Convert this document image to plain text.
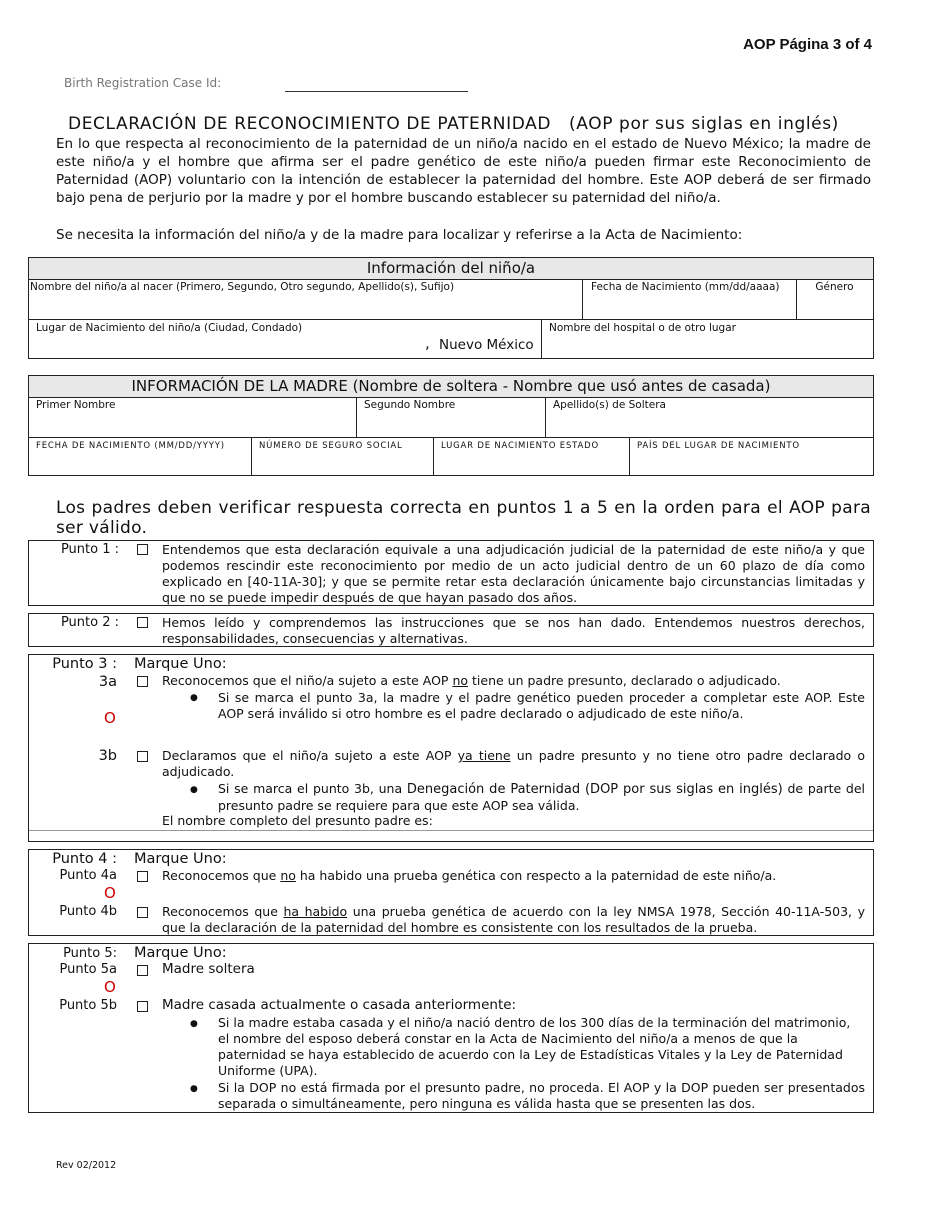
AOP Página 3 of 4
Birth Registration Case Id:
DECLARACIÓN DE RECONOCIMIENTO DE PATERNIDAD   (AOP por sus siglas en inglés)
En lo que respecta al reconocimiento de la paternidad de un niño/a nacido en el estado de Nuevo México; la madre de este niño/a y el hombre que afirma ser el padre genético de este niño/a pueden firmar este Reconocimiento de Paternidad (AOP) voluntario con la intención de establecer la paternidad del hombre. Este AOP deberá de ser firmado bajo pena de perjurio por la madre y por el hombre buscando establecer su paternidad del niño/a.
Se necesita la información del niño/a y de la madre para localizar y referirse a la Acta de Nacimiento:
Información del niño/a
Nombre del niño/a al nacer (Primero, Segundo, Otro segundo, Apellido(s), Sufijo)	Fecha de Nacimiento (mm/dd/aaaa)	Género
Lugar de Nacimiento del niño/a (Ciudad, Condado)
, Nuevo México
Nombre del hospital o de otro lugar
INFORMACIÓN DE LA MADRE (Nombre de soltera - Nombre que usó antes de casada)
Primer Nombre	Segundo Nombre	Apellido(s) de Soltera
FECHA DE NACIMIENTO (MM/DD/YYYY)	NÚMERO DE SEGURO SOCIAL	LUGAR DE NACIMIENTO ESTADO	PAÍS DEL LUGAR DE NACIMIENTO
Los padres deben verificar respuesta correcta en puntos 1 a 5 en la orden para el AOP para ser válido.
Punto 1 :	Entendemos que esta declaración equivale a una adjudicación judicial de la paternidad de este niño/a y que podemos rescindir este reconocimiento por medio de un acto judicial dentro de un 60 plazo de día como explicado en [40-11A-30]; y que se permite retar esta declaración únicamente bajo circunstancias limitadas y que no se puede impedir después de que hayan pasado dos años.
Punto 2 :	Hemos leído y comprendemos las instrucciones que se nos han dado. Entendemos nuestros derechos, responsabilidades, consecuencias y alternativas.
Punto 3 : Marque Uno:
3a	Reconocemos que el niño/a sujeto a este AOP no tiene un padre presunto, declarado o adjudicado.
● Si se marca el punto 3a, la madre y el padre genético pueden proceder a completar este AOP. Este AOP será inválido si otro hombre es el padre declarado o adjudicado de este niño/a.
O
3b	Declaramos que el niño/a sujeto a este AOP ya tiene un padre presunto y no tiene otro padre declarado o adjudicado.
● Si se marca el punto 3b, una Denegación de Paternidad (DOP por sus siglas en inglés) de parte del presunto padre se requiere para que este AOP sea válida.
El nombre completo del presunto padre es:
Punto 4 : Marque Uno:
Punto 4a	Reconocemos que no ha habido una prueba genética con respecto a la paternidad de este niño/a.
O
Punto 4b	Reconocemos que ha habido una prueba genética de acuerdo con la ley NMSA 1978, Sección 40-11A-503, y que la declaración de la paternidad del hombre es consistente con los resultados de la prueba.
Punto 5: Marque Uno:
Punto 5a	Madre soltera
O
Punto 5b	Madre casada actualmente o casada anteriormente:
● Si la madre estaba casada y el niño/a nació dentro de los 300 días de la terminación del matrimonio, el nombre del esposo deberá constar en la Acta de Nacimiento del niño/a a menos de que la paternidad se haya establecido de acuerdo con la Ley de Estadísticas Vitales y la Ley de Paternidad Uniforme (UPA).
● Si la DOP no está firmada por el presunto padre, no proceda. El AOP y la DOP pueden ser presentados separada o simultáneamente, pero ninguna es válida hasta que se presenten las dos.
Rev 02/2012
